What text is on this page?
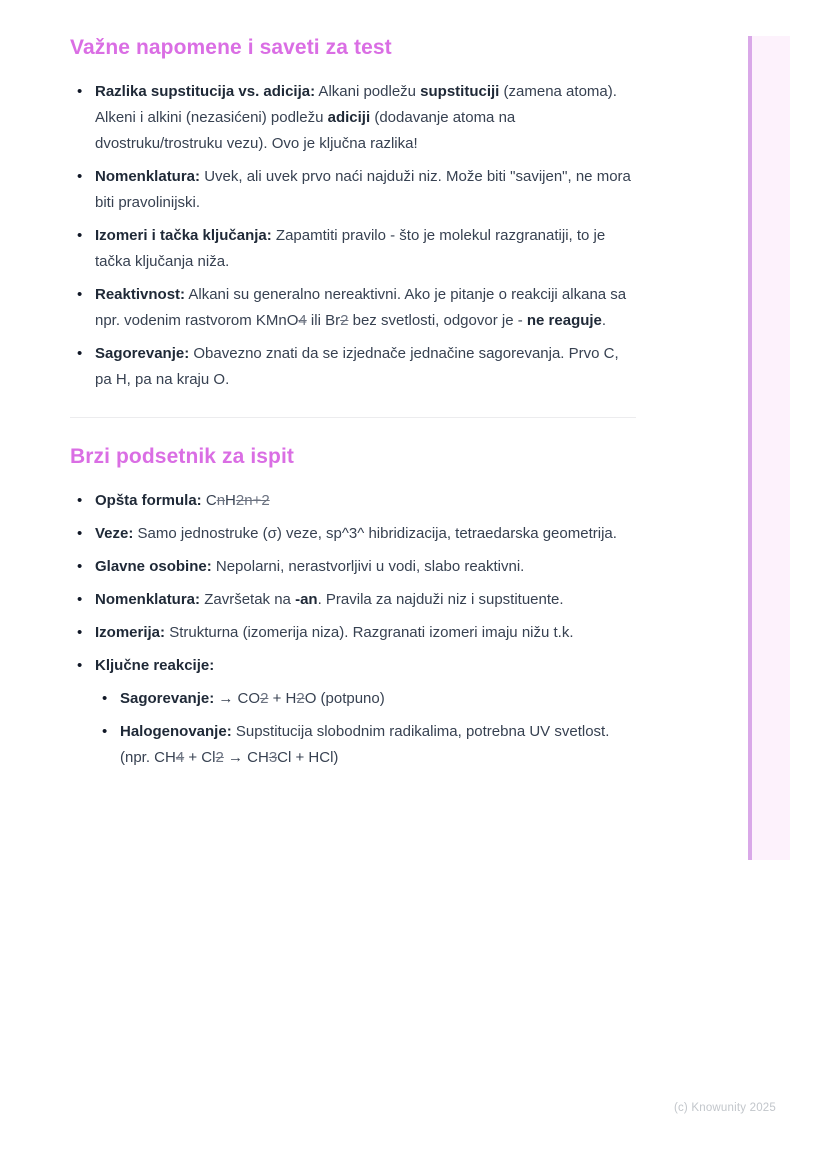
Važne napomene i saveti za test
• Razlika supstitucija vs. adicija: Alkani podležu supstituciji (zamena atoma). Alkeni i alkini (nezasićeni) podležu adiciji (dodavanje atoma na dvostruku/trostruku vezu). Ovo je ključna razlika!
• Nomenklatura: Uvek, ali uvek prvo naći najduži niz. Može biti "savijen", ne mora biti pravolinijski.
• Izomeri i tačka ključanja: Zapamtiti pravilo - što je molekul razgranatiji, to je tačka ključanja niža.
• Reaktivnost: Alkani su generalno nereaktivni. Ako je pitanje o reakciji alkana sa npr. vodenim rastvorom KMnO4 ili Br2 bez svetlosti, odgovor je - ne reaguje.
• Sagorevanje: Obavezno znati da se izjednače jednačine sagorevanja. Prvo C, pa H, pa na kraju O.
Brzi podsetnik za ispit
• Opšta formula: CnH2n+2
• Veze: Samo jednostruke (σ) veze, sp^3^ hibridizacija, tetraedarska geometrija.
• Glavne osobine: Nepolarni, nerastvorljivi u vodi, slabo reaktivni.
• Nomenklatura: Završetak na -an. Pravila za najduži niz i supstituente.
• Izomerija: Strukturna (izomerija niza). Razgranati izomeri imaju nižu t.k.
• Ključne reakcije:
• Sagorevanje: → CO2 + H2O (potpuno)
• Halogenovanje: Supstitucija slobodnim radikalima, potrebna UV svetlost. (npr. CH4 + Cl2 → CH3Cl + HCl)
(c) Knowunity 2025
